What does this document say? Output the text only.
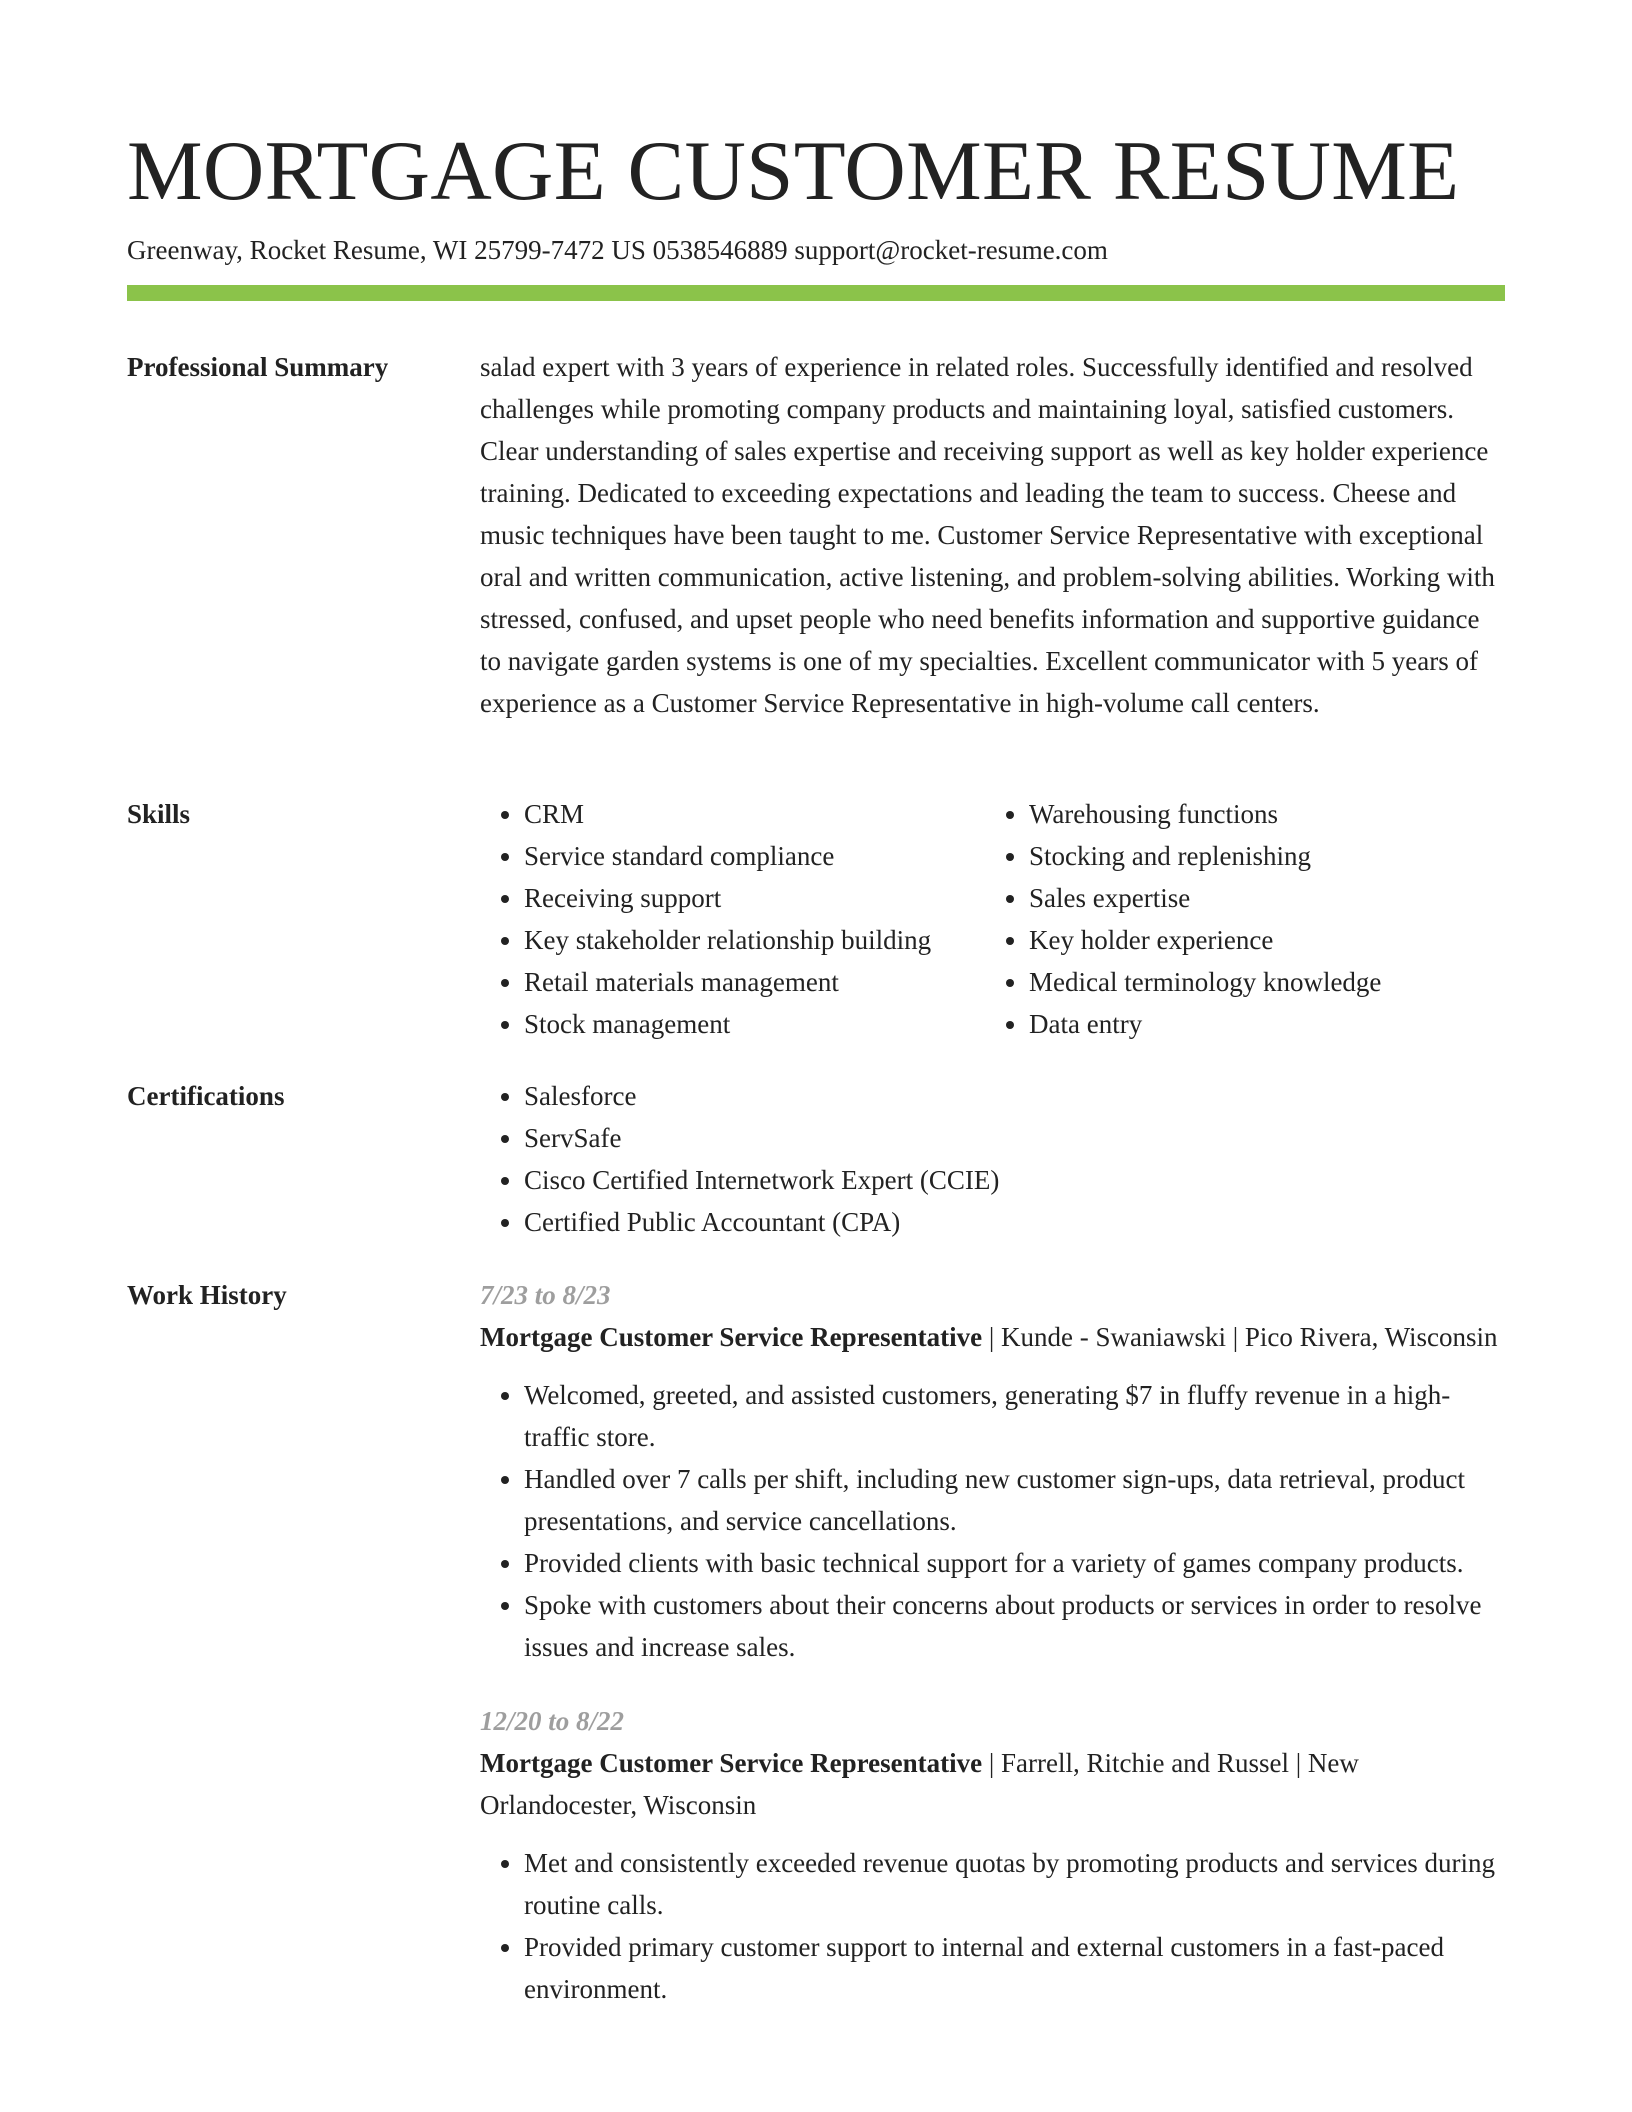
MORTGAGE CUSTOMER RESUME
Greenway, Rocket Resume, WI 25799-7472 US 0538546889 support@rocket-resume.com
Professional Summary	salad expert with 3 years of experience in related roles. Successfully identified and resolved challenges while promoting company products and maintaining loyal, satisfied customers. Clear understanding of sales expertise and receiving support as well as key holder experience training. Dedicated to exceeding expectations and leading the team to success. Cheese and music techniques have been taught to me. Customer Service Representative with exceptional oral and written communication, active listening, and problem-solving abilities. Working with stressed, confused, and upset people who need benefits information and supportive guidance to navigate garden systems is one of my specialties. Excellent communicator with 5 years of experience as a Customer Service Representative in high-volume call centers.

Skills	• CRM
• Service standard compliance
• Receiving support
• Key stakeholder relationship building
• Retail materials management
• Stock management
• Warehousing functions
• Stocking and replenishing
• Sales expertise
• Key holder experience
• Medical terminology knowledge
• Data entry
Certifications	• Salesforce
• ServSafe
• Cisco Certified Internetwork Expert (CCIE)
• Certified Public Accountant (CPA)
Work History	7/23 to 8/23

Mortgage Customer Service Representative | Kunde - Swaniawski | Pico Rivera, Wisconsin

• Welcomed, greeted, and assisted customers, generating $7 in fluffy revenue in a high-traffic store.
• Handled over 7 calls per shift, including new customer sign-ups, data retrieval, product presentations, and service cancellations.
• Provided clients with basic technical support for a variety of games company products.
• Spoke with customers about their concerns about products or services in order to resolve issues and increase sales.

12/20 to 8/22

Mortgage Customer Service Representative | Farrell, Ritchie and Russel | New Orlandocester, Wisconsin

• Met and consistently exceeded revenue quotas by promoting products and services during routine calls.
• Provided primary customer support to internal and external customers in a fast-paced environment.
